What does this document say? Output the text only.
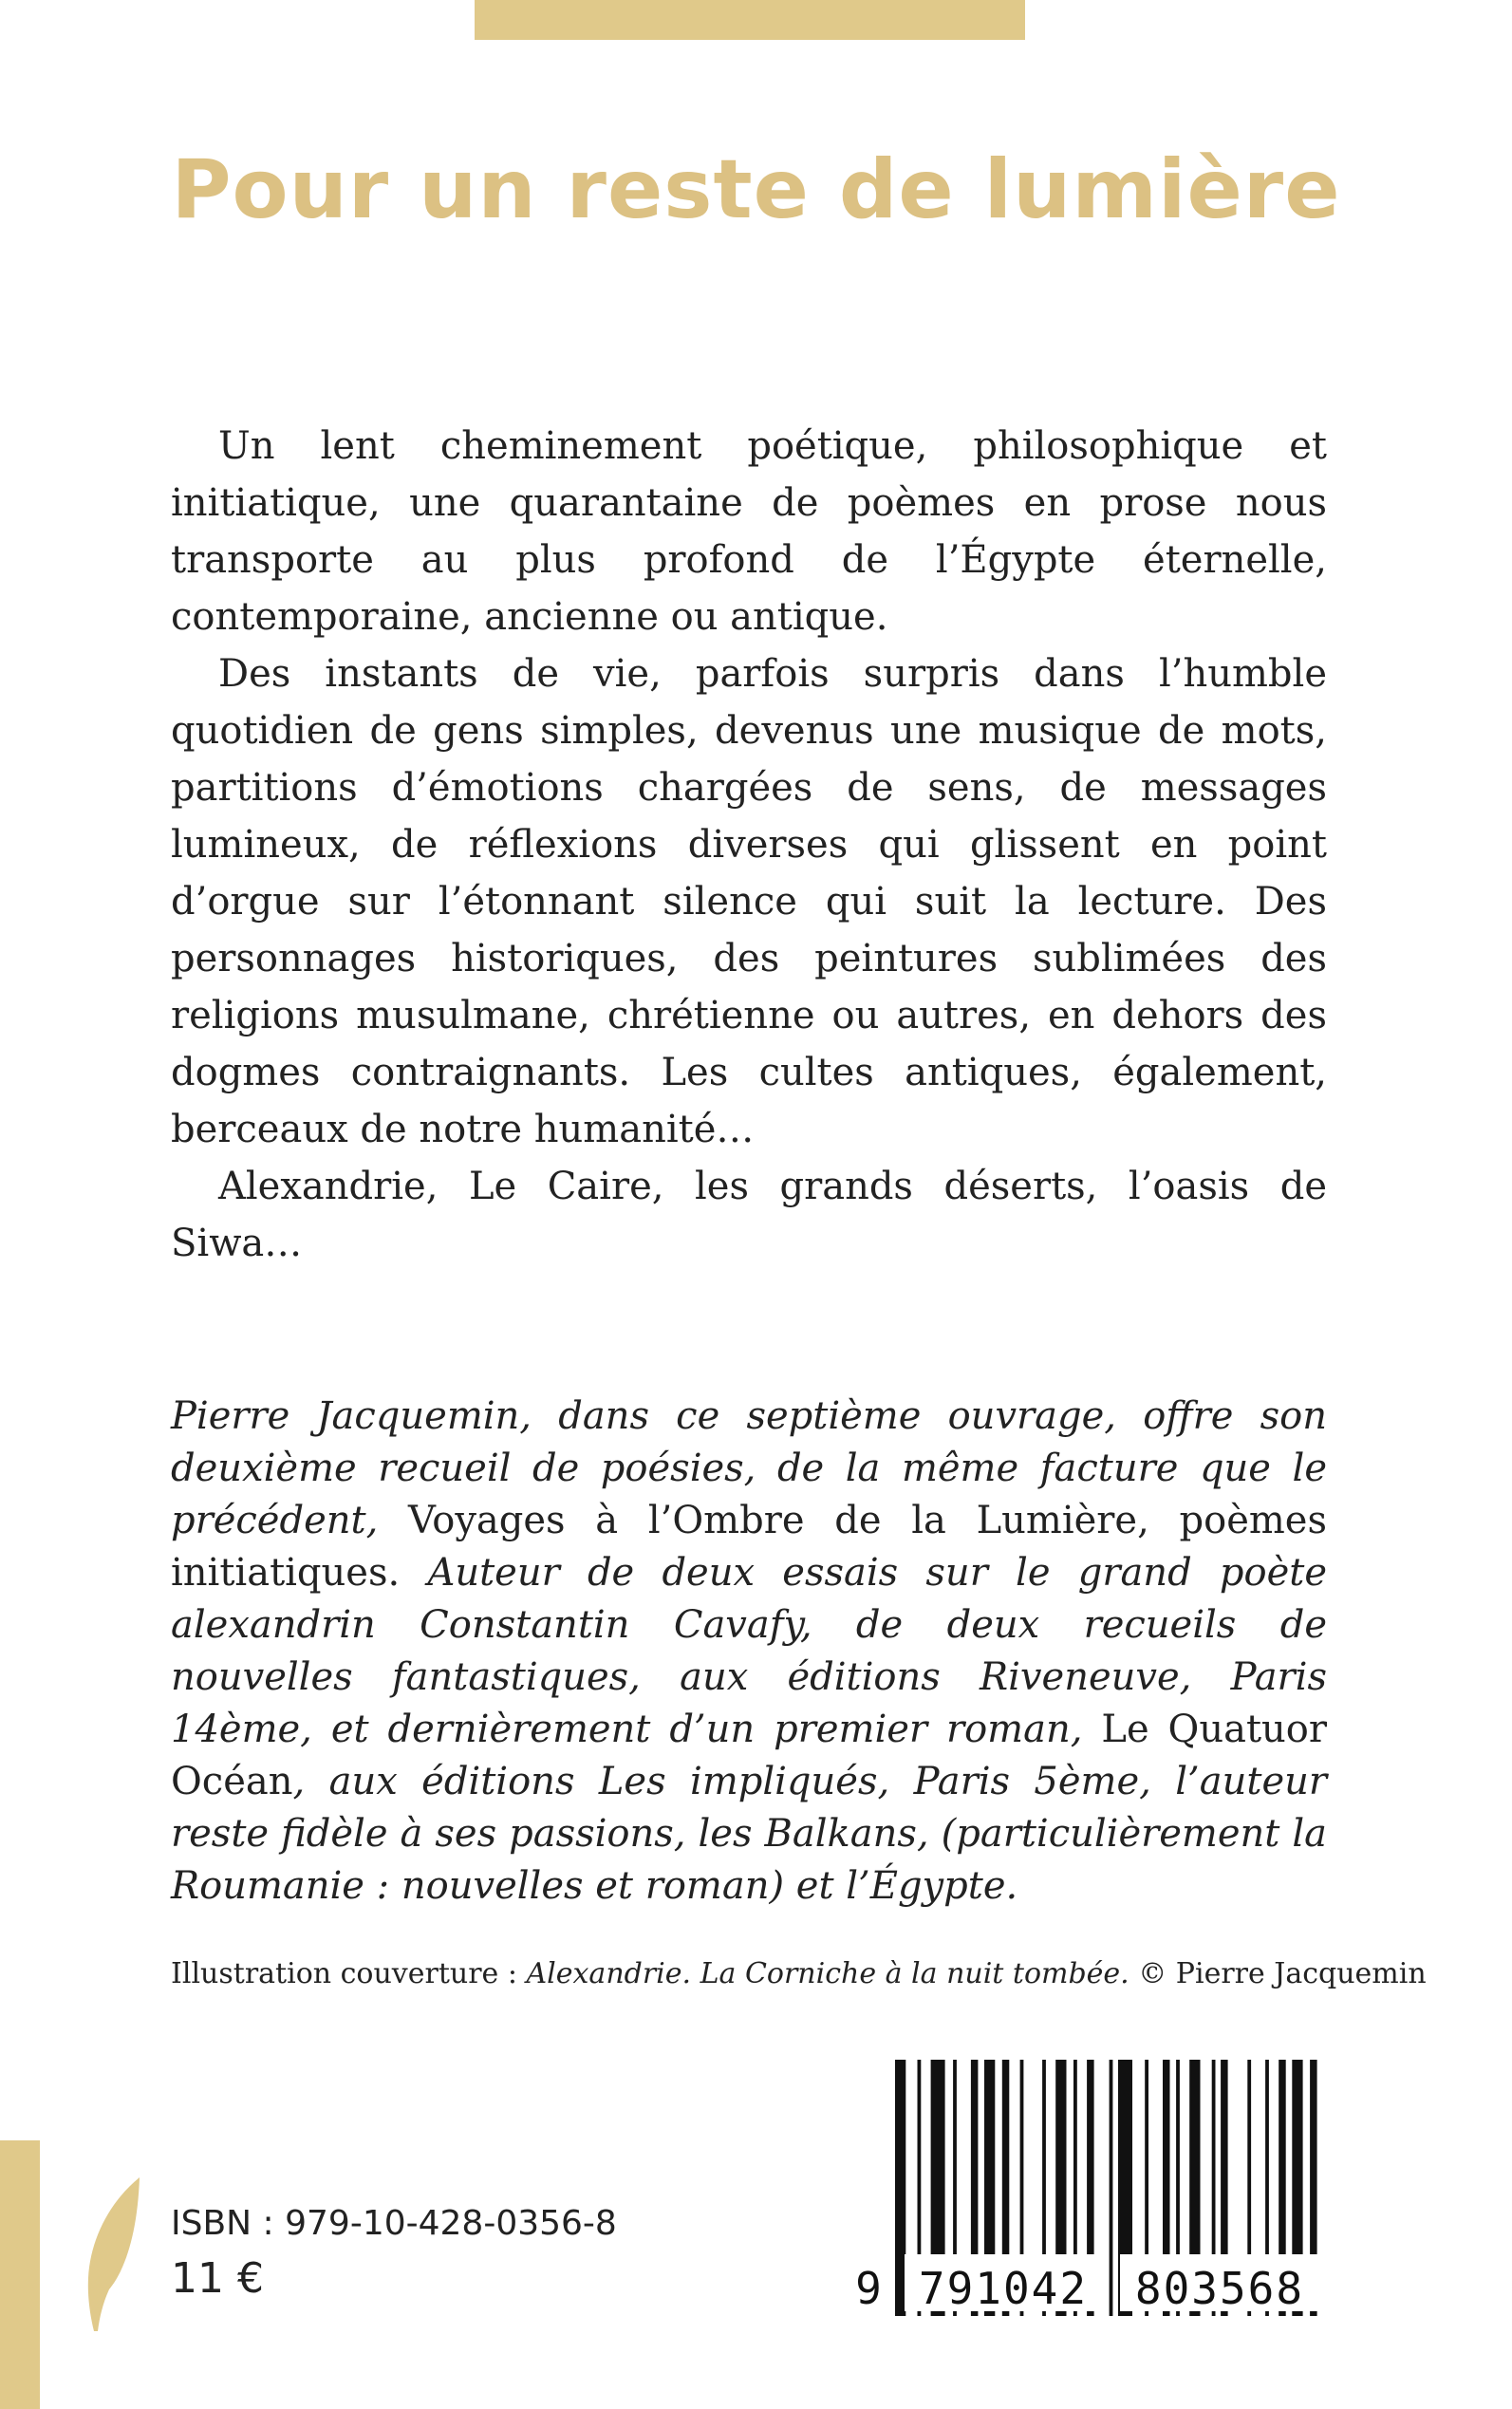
Pour un reste de lumière

Un lent cheminement poétique, philosophique et initiatique, une quarantaine de poèmes en prose nous transporte au plus profond de l’Égypte éternelle, contemporaine, ancienne ou antique.

Des instants de vie, parfois surpris dans l’humble quotidien de gens simples, devenus une musique de mots, partitions d’émotions chargées de sens, de messages lumineux, de réflexions diverses qui glissent en point d’orgue sur l’étonnant silence qui suit la lecture. Des personnages historiques, des peintures sublimées des religions musulmane, chrétienne ou autres, en dehors des dogmes contraignants. Les cultes antiques, également, berceaux de notre humanité…

Alexandrie, Le Caire, les grands déserts, l’oasis de Siwa…

Pierre Jacquemin, dans ce septième ouvrage, offre son deuxième recueil de poésies, de la même facture que le précédent, Voyages à l’Ombre de la Lumière, poèmes initiatiques. Auteur de deux essais sur le grand poète alexandrin Constantin Cavafy, de deux recueils de nouvelles fantastiques, aux éditions Riveneuve, Paris 14ème, et dernièrement d’un premier roman, Le Quatuor Océan, aux éditions Les impliqués, Paris 5ème, l’auteur reste fidèle à ses passions, les Balkans, (particulièrement la Roumanie : nouvelles et roman) et l’Égypte.
Illustration couverture : Alexandrie. La Corniche à la nuit tombée. © Pierre Jacquemin
ISBN : 979-10-428-0356-8
11 €	9 791042 803568
